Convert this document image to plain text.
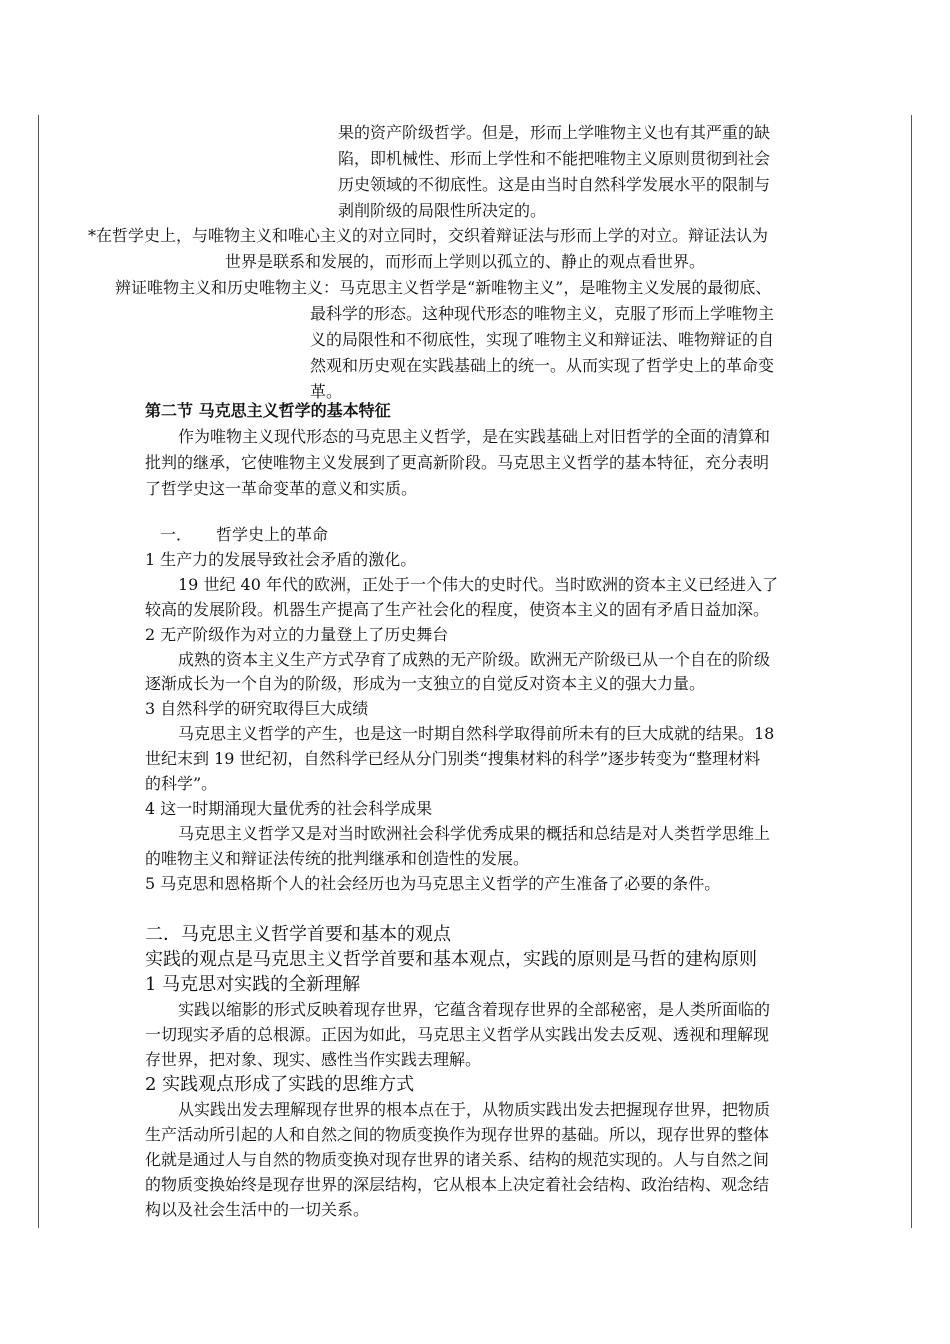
果的资产阶级哲学。但是，形而上学唯物主义也有其严重的缺
陷，即机械性、形而上学性和不能把唯物主义原则贯彻到社会
历史领域的不彻底性。这是由当时自然科学发展水平的限制与
剥削阶级的局限性所决定的。
*在哲学史上，与唯物主义和唯心主义的对立同时，交织着辩证法与形而上学的对立。辩证法认为
世界是联系和发展的，而形而上学则以孤立的、静止的观点看世界。
辨证唯物主义和历史唯物主义：马克思主义哲学是“新唯物主义”，是唯物主义发展的最彻底、
最科学的形态。这种现代形态的唯物主义，克服了形而上学唯物主
义的局限性和不彻底性，实现了唯物主义和辩证法、唯物辩证的自
然观和历史观在实践基础上的统一。从而实现了哲学史上的革命变
革。
第二节 马克思主义哲学的基本特征
作为唯物主义现代形态的马克思主义哲学，是在实践基础上对旧哲学的全面的清算和
批判的继承，它使唯物主义发展到了更高新阶段。马克思主义哲学的基本特征，充分表明
了哲学史这一革命变革的意义和实质。
一．　　哲学史上的革命
1 生产力的发展导致社会矛盾的激化。
19 世纪 40 年代的欧洲，正处于一个伟大的史时代。当时欧洲的资本主义已经进入了
较高的发展阶段。机器生产提高了生产社会化的程度，使资本主义的固有矛盾日益加深。
2 无产阶级作为对立的力量登上了历史舞台
成熟的资本主义生产方式孕育了成熟的无产阶级。欧洲无产阶级已从一个自在的阶级
逐渐成长为一个自为的阶级，形成为一支独立的自觉反对资本主义的强大力量。
3 自然科学的研究取得巨大成绩
马克思主义哲学的产生，也是这一时期自然科学取得前所未有的巨大成就的结果。18
世纪末到 19 世纪初，自然科学已经从分门别类“搜集材料的科学”逐步转变为“整理材料
的科学”。
4 这一时期涌现大量优秀的社会科学成果
马克思主义哲学又是对当时欧洲社会科学优秀成果的概括和总结是对人类哲学思维上
的唯物主义和辩证法传统的批判继承和创造性的发展。
5 马克思和恩格斯个人的社会经历也为马克思主义哲学的产生准备了必要的条件。
二．马克思主义哲学首要和基本的观点
实践的观点是马克思主义哲学首要和基本观点，实践的原则是马哲的建构原则
1 马克思对实践的全新理解
实践以缩影的形式反映着现存世界，它蕴含着现存世界的全部秘密，是人类所面临的
一切现实矛盾的总根源。正因为如此，马克思主义哲学从实践出发去反观、透视和理解现
存世界，把对象、现实、感性当作实践去理解。
2 实践观点形成了实践的思维方式
从实践出发去理解现存世界的根本点在于，从物质实践出发去把握现存世界，把物质
生产活动所引起的人和自然之间的物质变换作为现存世界的基础。所以，现存世界的整体
化就是通过人与自然的物质变换对现存世界的诸关系、结构的规范实现的。人与自然之间
的物质变换始终是现存世界的深层结构，它从根本上决定着社会结构、政治结构、观念结
构以及社会生活中的一切关系。
